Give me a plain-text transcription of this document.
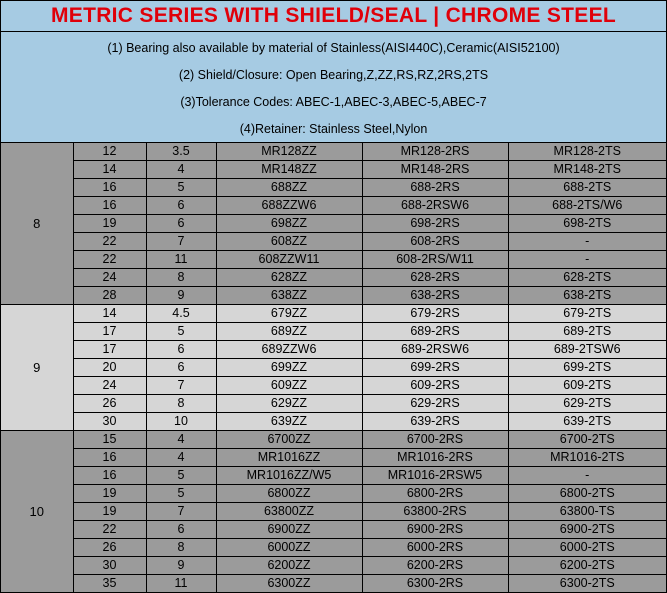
METRIC SERIES WITH SHIELD/SEAL | CHROME STEEL
(1) Bearing also available by material of Stainless(AISI440C),Ceramic(AISI52100)
(2) Shield/Closure: Open Bearing,Z,ZZ,RS,RZ,2RS,2TS
(3)Tolerance Codes: ABEC-1,ABEC-3,ABEC-5,ABEC-7
(4)Retainer: Stainless Steel,Nylon
8	12	3.5	MR128ZZ	MR128-2RS	MR128-2TS
	14	4	MR148ZZ	MR148-2RS	MR148-2TS
	16	5	688ZZ	688-2RS	688-2TS
	16	6	688ZZW6	688-2RSW6	688-2TS/W6
	19	6	698ZZ	698-2RS	698-2TS
	22	7	608ZZ	608-2RS	-
	22	11	608ZZW11	608-2RS/W11	-
	24	8	628ZZ	628-2RS	628-2TS
	28	9	638ZZ	638-2RS	638-2TS
9	14	4.5	679ZZ	679-2RS	679-2TS
	17	5	689ZZ	689-2RS	689-2TS
	17	6	689ZZW6	689-2RSW6	689-2TSW6
	20	6	699ZZ	699-2RS	699-2TS
	24	7	609ZZ	609-2RS	609-2TS
	26	8	629ZZ	629-2RS	629-2TS
	30	10	639ZZ	639-2RS	639-2TS
10	15	4	6700ZZ	6700-2RS	6700-2TS
	16	4	MR1016ZZ	MR1016-2RS	MR1016-2TS
	16	5	MR1016ZZ/W5	MR1016-2RSW5	-
	19	5	6800ZZ	6800-2RS	6800-2TS
	19	7	63800ZZ	63800-2RS	63800-TS
	22	6	6900ZZ	6900-2RS	6900-2TS
	26	8	6000ZZ	6000-2RS	6000-2TS
	30	9	6200ZZ	6200-2RS	6200-2TS
	35	11	6300ZZ	6300-2RS	6300-2TS
